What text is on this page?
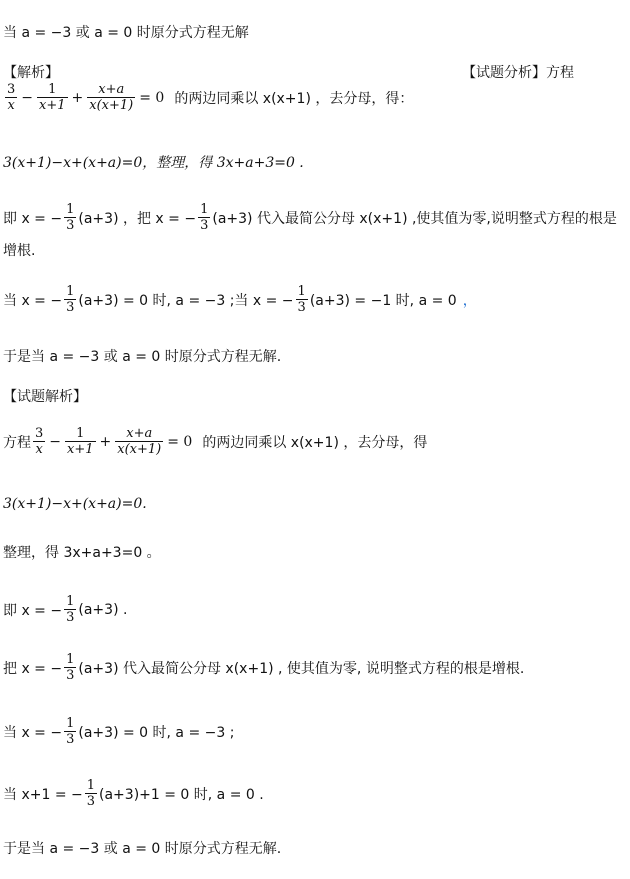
当 a = −3 或 a = 0 时原分式方程无解
【解析】	【试题分析】方程
$\frac{3}{x} - \frac{1}{x+1} + \frac{x+a}{x(x+1)} = 0$ 的两边同乘以 x(x+1) ，去分母，得：
3(x+1)−x+(x+a)=0，整理，得 3x+a+3=0 .
即 x = − $\frac{1}{3} (a+3)$ ，把 x = − $\frac{1}{3} (a+3)$ 代入最简公分母 x(x+1) ,使其值为零,说明整式方程的根是
增根.
当 x = − $\frac{1}{3} (a+3) = 0$ 时, a = −3 ;当 x = − $\frac{1}{3} (a+3) = -1$ 时, a = 0 ，
于是当 a = −3 或 a = 0 时原分式方程无解.
【试题解析】
方程 $\frac{3}{x} - \frac{1}{x+1} + \frac{x+a}{x(x+1)} = 0$ 的两边同乘以 x(x+1) ，去分母，得
3(x+1)−x+(x+a)=0.
整理，得 3x+a+3=0 。
即 x = − $\frac{1}{3} (a+3)$ .
把 x = − $\frac{1}{3} (a+3)$ 代入最简公分母 x(x+1) , 使其值为零, 说明整式方程的根是增根.
当 x = − $\frac{1}{3} (a+3) = 0$ 时, a = −3 ;
当 x+1 = − $\frac{1}{3} (a+3)+1 = 0$ 时, a = 0 .
于是当 a = −3 或 a = 0 时原分式方程无解.
